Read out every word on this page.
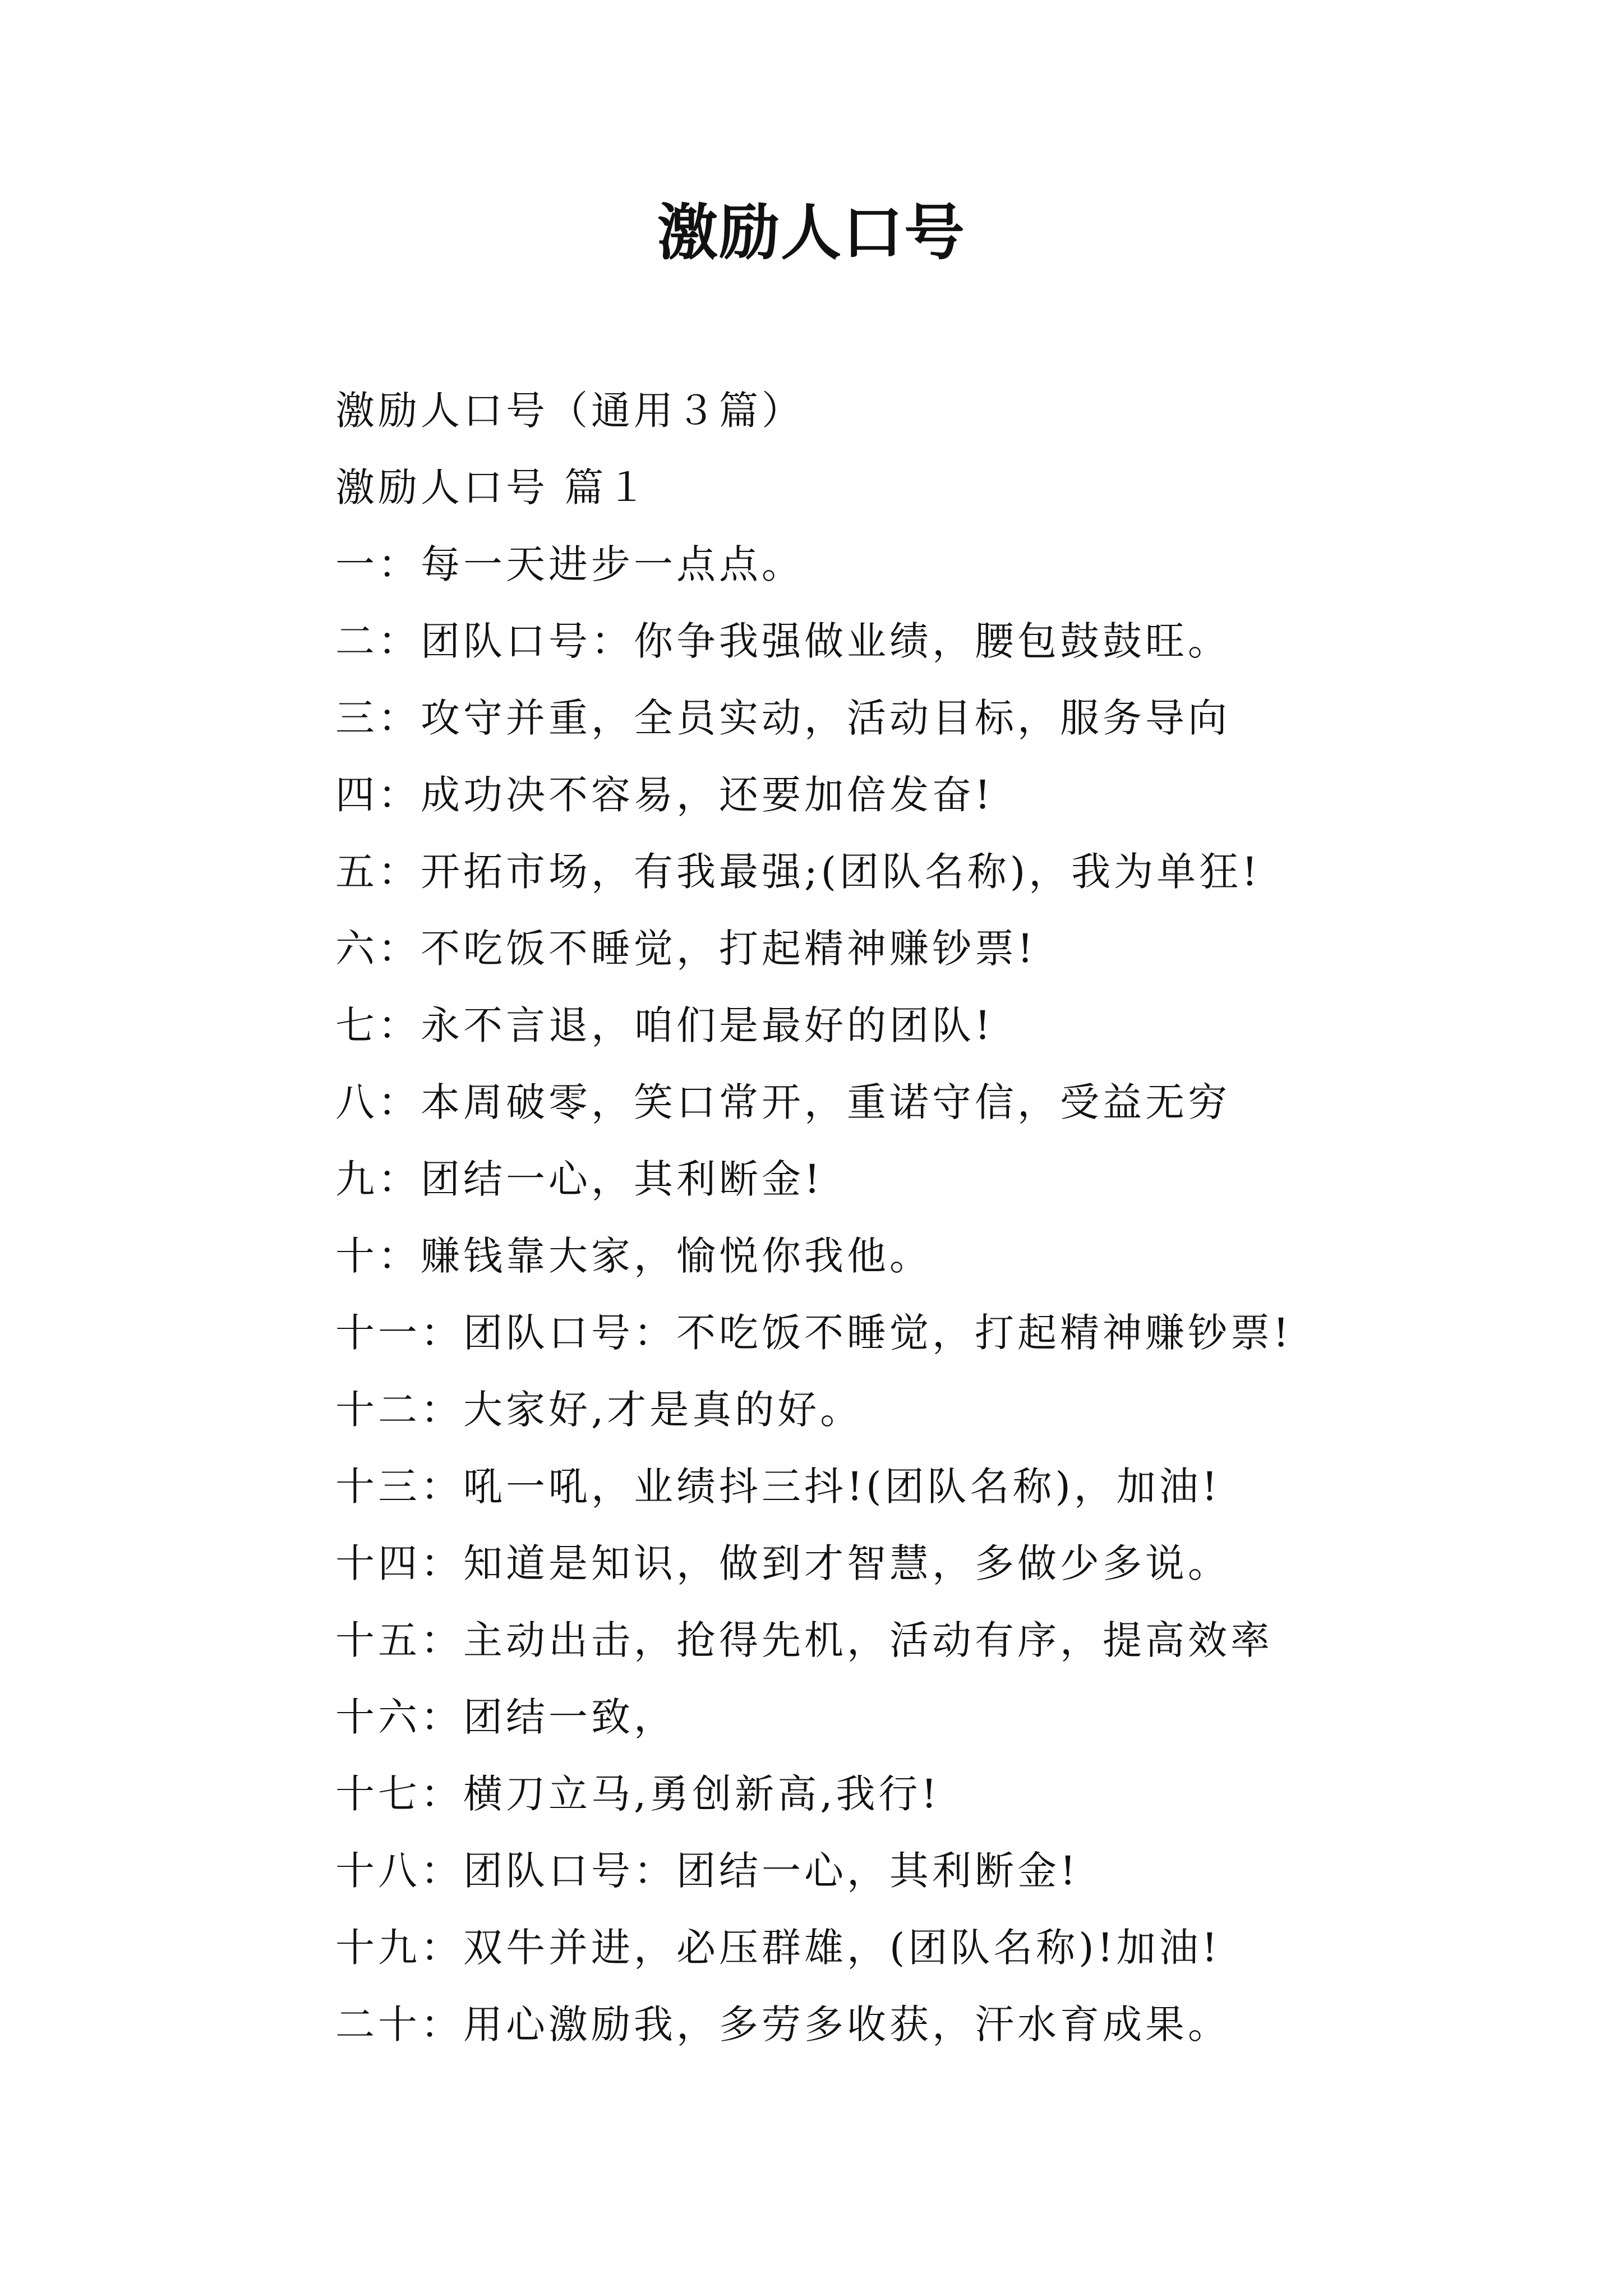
激励人口号
激励人口号（通用３篇）
激励人口号 篇１
一：每一天进步一点点。
二：团队口号：你争我强做业绩，腰包鼓鼓旺。
三：攻守并重，全员实动，活动目标，服务导向
四：成功决不容易，还要加倍发奋!
五：开拓市场，有我最强;(团队名称)，我为单狂!
六：不吃饭不睡觉，打起精神赚钞票!
七：永不言退，咱们是最好的团队!
八：本周破零，笑口常开，重诺守信，受益无穷
九：团结一心，其利断金!
十：赚钱靠大家，愉悦你我他。
十一：团队口号：不吃饭不睡觉，打起精神赚钞票!
十二：大家好,才是真的好。
十三：吼一吼，业绩抖三抖!(团队名称)，加油!
十四：知道是知识，做到才智慧，多做少多说。
十五：主动出击，抢得先机，活动有序，提高效率
十六：团结一致，
十七：横刀立马,勇创新高,我行!
十八：团队口号：团结一心，其利断金!
十九：双牛并进，必压群雄，(团队名称)!加油!
二十：用心激励我，多劳多收获，汗水育成果。
